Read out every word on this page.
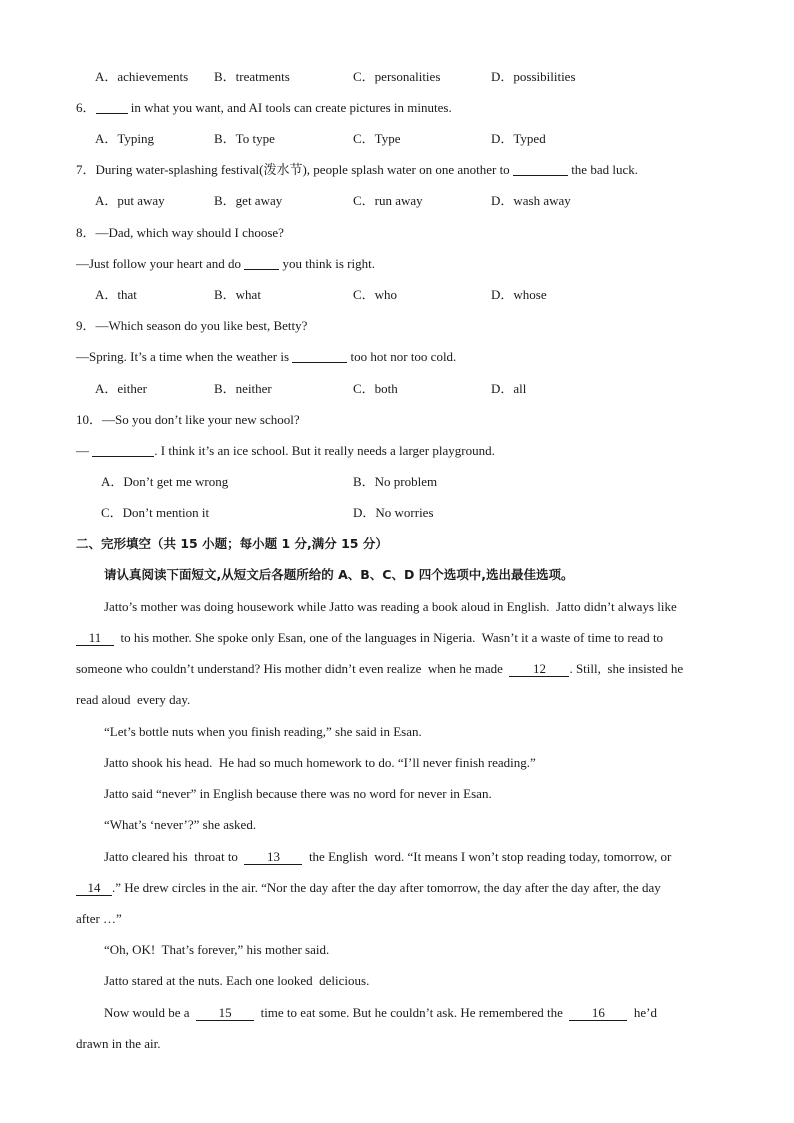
A．achievements B．treatments	C．personalities	D．possibilities
6． in what you want, and AI tools can create pictures in minutes.
A．Typing	B．To type	C．Type	D．Typed
7．During water-splashing festival(泼水节), people splash water on one another to	the bad luck.
A．put away	B．get away	C．run away	D．wash away
8．—Dad, which way should I choose?
—Just follow your heart and do	you think is right.
A．that	B．what	C．who	D．whose
9．—Which season do you like best, Betty?
—Spring. It’s a time when the weather is	too hot nor too cold.
A．either	B．neither	C．both	D．all
10．—So you don’t like your new school?
—	. I think it’s an ice school. But it really needs a larger playground.
A．Don’t get me wrong	B．No problem
C．Don’t mention it	D．No worries
二、完形填空（共 15 小题；每小题 1 分,满分 15 分）
请认真阅读下面短文,从短文后各题所给的 A、B、C、D 四个选项中,选出最佳选项。
Jatto’s mother was doing housework while Jatto was reading a book aloud in English.  Jatto didn’t always like
11  to his mother. She spoke only Esan, one of the languages in Nigeria.  Wasn’t it a waste of time to read to
someone who couldn’t understand? His mother didn’t even realize  when he made  12 . Still,  she insisted he
read aloud  every day.
“Let’s bottle nuts when you finish reading,” she said in Esan.
Jatto shook his head.  He had so much homework to do. “I’ll never finish reading.”
Jatto said “never” in English because there was no word for never in Esan.
“What’s ‘never’?” she asked.
Jatto cleared his  throat to  13  the English  word. “It means I won’t stop reading today, tomorrow, or
14 .” He drew circles in the air. “Nor the day after the day after tomorrow, the day after the day after, the day
after …”
“Oh, OK!  That’s forever,” his mother said.
Jatto stared at the nuts. Each one looked  delicious.
Now would be a  15  time to eat some. But he couldn’t ask. He remembered the  16  he’d
drawn in the air.
